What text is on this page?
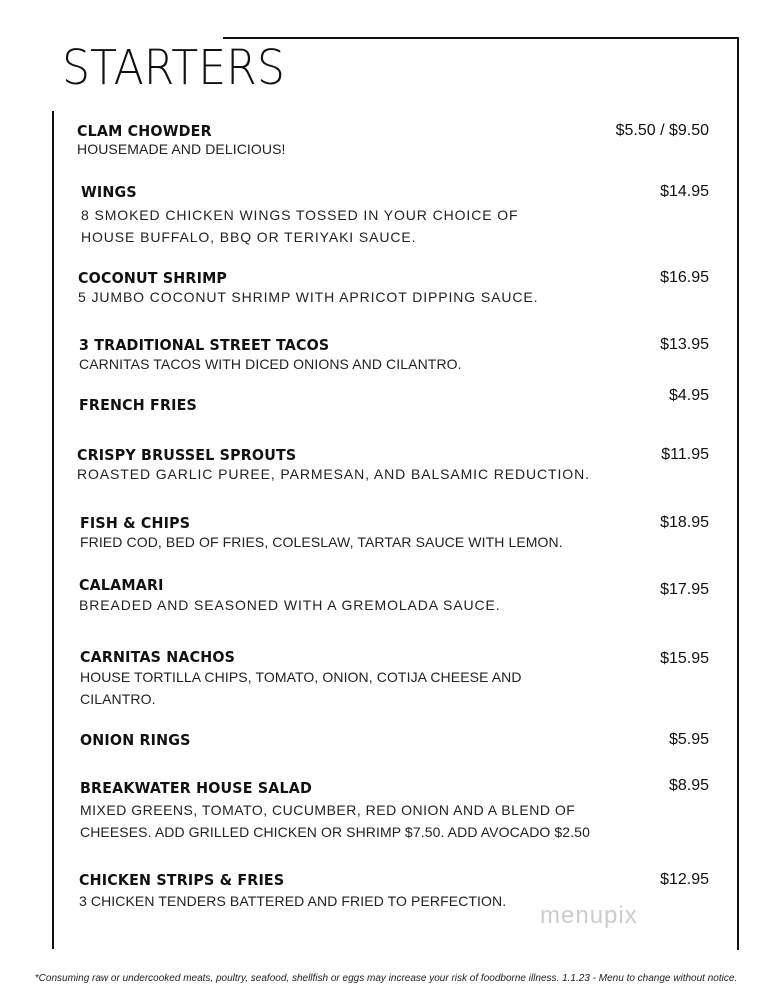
STARTERS
CLAM CHOWDER	$5.50 / $9.50
HOUSEMADE AND DELICIOUS!
WINGS	$14.95
8 SMOKED CHICKEN WINGS TOSSED IN YOUR CHOICE OF
HOUSE BUFFALO, BBQ OR TERIYAKI SAUCE.
COCONUT SHRIMP	$16.95
5 JUMBO COCONUT SHRIMP WITH APRICOT DIPPING SAUCE.
3 TRADITIONAL STREET TACOS	$13.95
CARNITAS TACOS WITH DICED ONIONS AND CILANTRO.
FRENCH FRIES
$4.95
CRISPY BRUSSEL SPROUTS	$11.95
ROASTED GARLIC PUREE, PARMESAN, AND BALSAMIC REDUCTION.
FISH & CHIPS	$18.95
FRIED COD, BED OF FRIES, COLESLAW, TARTAR SAUCE WITH LEMON.
CALAMARI	$17.95
BREADED AND SEASONED WITH A GREMOLADA SAUCE.
CARNITAS NACHOS	$15.95
HOUSE TORTILLA CHIPS, TOMATO, ONION, COTIJA CHEESE AND
CILANTRO.
ONION RINGS	$5.95
BREAKWATER HOUSE SALAD	$8.95
MIXED GREENS, TOMATO, CUCUMBER, RED ONION AND A BLEND OF
CHEESES. ADD GRILLED CHICKEN OR SHRIMP $7.50. ADD AVOCADO $2.50
CHICKEN STRIPS & FRIES	$12.95
3 CHICKEN TENDERS BATTERED AND FRIED TO PERFECTION.
menupix
*Consuming raw or undercooked meats, poultry, seafood, shellfish or eggs may increase your risk of foodborne illness. 1.1.23 - Menu to change without notice.
